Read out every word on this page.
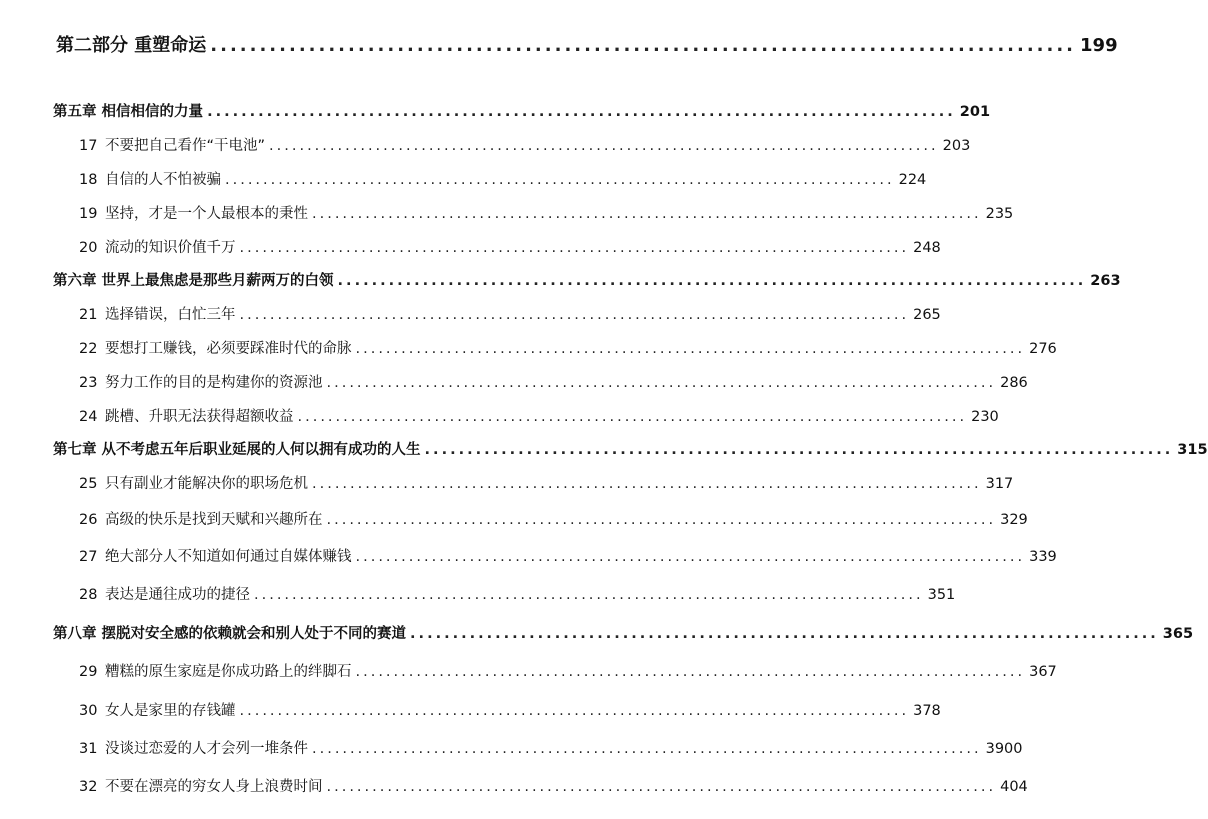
第二部分 重塑命运 ........................................................................................ 199
第五章 相信相信的力量 ........................................................................................ 201
17 不要把自己看作“干电池” ........................................................................................ 203
18 自信的人不怕被骗 ........................................................................................ 224
19 坚持，才是一个人最根本的秉性 ........................................................................................ 235
20 流动的知识价值千万 ........................................................................................ 248
第六章 世界上最焦虑是那些月薪两万的白领 ........................................................................................ 263
21 选择错误，白忙三年 ........................................................................................ 265
22 要想打工赚钱，必须要踩准时代的命脉 ........................................................................................ 276
23 努力工作的目的是构建你的资源池 ........................................................................................ 286
24 跳槽、升职无法获得超额收益 ........................................................................................ 230
第七章 从不考虑五年后职业延展的人何以拥有成功的人生 ........................................................................................ 315
25 只有副业才能解决你的职场危机 ........................................................................................ 317
26 高级的快乐是找到天赋和兴趣所在 ........................................................................................ 329
27 绝大部分人不知道如何通过自媒体赚钱 ........................................................................................ 339
28 表达是通往成功的捷径 ........................................................................................ 351
第八章 摆脱对安全感的依赖就会和别人处于不同的赛道 ........................................................................................ 365
29 糟糕的原生家庭是你成功路上的绊脚石 ........................................................................................ 367
30 女人是家里的存钱罐 ........................................................................................ 378
31 没谈过恋爱的人才会列一堆条件 ........................................................................................ 3900
32 不要在漂亮的穷女人身上浪费时间 ........................................................................................ 404
